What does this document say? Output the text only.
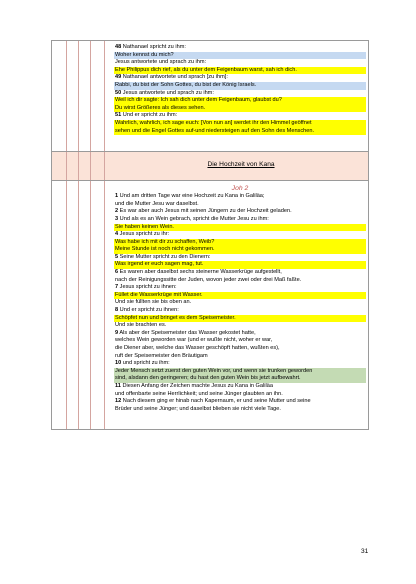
48 Nathanael spricht zu ihm:
Woher kennst du mich?
Jesus antwortete und sprach zu ihm:
Ehe Philippus dich rief, als du unter dem Feigenbaum warst, sah ich dich.
49 Nathanael antwortete und sprach [zu ihm]:
Rabbi, du bist der Sohn Gottes, du bist der König Israels.
50 Jesus antwortete und sprach zu ihm:
Weil ich dir sagte: Ich sah dich unter dem Feigenbaum, glaubst du?
Du wirst Größeres als dieses sehen.
51 Und er spricht zu ihm:
Wahrlich, wahrlich, ich sage euch: [Von nun an] werdet ihr den Himmel geöffnet
sehen und die Engel Gottes auf-und niedersteigen auf den Sohn des Menschen.
Die Hochzeit von Kana
Joh 2
1 Und am dritten Tage war eine Hochzeit zu Kana in Galiläa;
und die Mutter Jesu war daselbst.
2 Es war aber auch Jesus mit seinen Jüngern zu der Hochzeit geladen.
3 Und als es an Wein gebrach, spricht die Mutter Jesu zu ihm:
Sie haben keinen Wein.
4 Jesus spricht zu ihr:
Was habe ich mit dir zu schaffen, Weib?
Meine Stunde ist noch nicht gekommen.
5 Seine Mutter spricht zu den Dienern:
Was irgend er euch sagen mag, tut.
6 Es waren aber daselbst sechs steinerne Wasserkrüge aufgestellt,
nach der Reinigungssitte der Juden, wovon jeder zwei oder drei Maß faßte.
7 Jesus spricht zu ihnen:
Füllet die Wasserkrüge mit Wasser.
Und sie füllten sie bis oben an.
8 Und er spricht zu ihnen:
Schöpfet nun und bringet es dem Speisemeister.
Und sie brachten es.
9 Als aber der Speisemeister das Wasser gekostet hatte,
welches Wein geworden war (und er wußte nicht, woher er war,
die Diener aber, welche das Wasser geschöpft hatten, wußten es),
ruft der Speisemeister den Bräutigam
10 und spricht zu ihm:
Jeder Mensch setzt zuerst den guten Wein vor, und wenn sie trunken geworden
sind, alsdann den geringeren; du hast den guten Wein bis jetzt aufbewahrt.
11 Diesen Anfang der Zeichen machte Jesus zu Kana in Galiläa
und offenbarte seine Herrlichkeit; und seine Jünger glaubten an ihn.
12 Nach diesem ging er hinab nach Kapernaum, er und seine Mutter und seine
Brüder und seine Jünger; und daselbst blieben sie nicht viele Tage.
31
